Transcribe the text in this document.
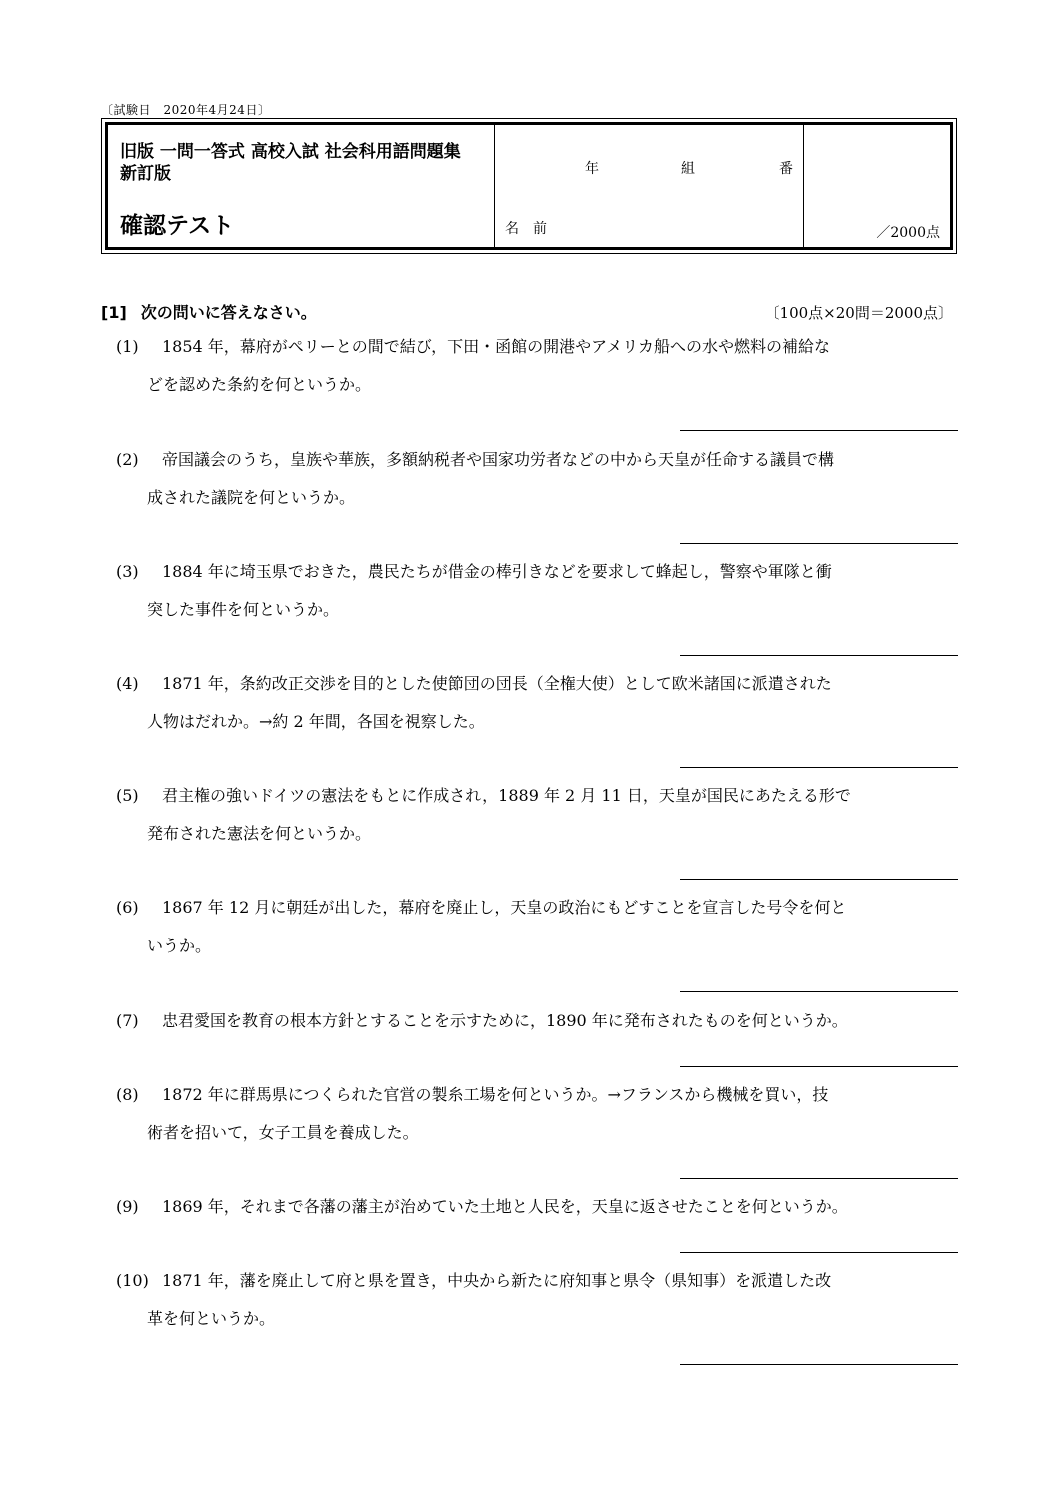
〔試験日　2020年4月24日〕
旧版 一問一答式 高校入試 社会科用語問題集 新訂版
確認テスト
年	組	番
名　前	／2000点
[1] 次の問いに答えなさい。	〔100点×20問＝2000点〕
(1) 1854 年，幕府がペリーとの間で結び，下田・函館の開港やアメリカ船への水や燃料の補給な
どを認めた条約を何というか。
(2) 帝国議会のうち，皇族や華族，多額納税者や国家功労者などの中から天皇が任命する議員で構
成された議院を何というか。
(3) 1884 年に埼玉県でおきた，農民たちが借金の棒引きなどを要求して蜂起し，警察や軍隊と衝
突した事件を何というか。
(4) 1871 年，条約改正交渉を目的とした使節団の団長（全権大使）として欧米諸国に派遣された
人物はだれか。→約 2 年間，各国を視察した。
(5) 君主権の強いドイツの憲法をもとに作成され，1889 年 2 月 11 日，天皇が国民にあたえる形で
発布された憲法を何というか。
(6) 1867 年 12 月に朝廷が出した，幕府を廃止し，天皇の政治にもどすことを宣言した号令を何と
いうか。
(7) 忠君愛国を教育の根本方針とすることを示すために，1890 年に発布されたものを何というか。
(8) 1872 年に群馬県につくられた官営の製糸工場を何というか。→フランスから機械を買い，技
術者を招いて，女子工員を養成した。
(9) 1869 年，それまで各藩の藩主が治めていた土地と人民を，天皇に返させたことを何というか。
(10) 1871 年，藩を廃止して府と県を置き，中央から新たに府知事と県令（県知事）を派遣した改
革を何というか。
